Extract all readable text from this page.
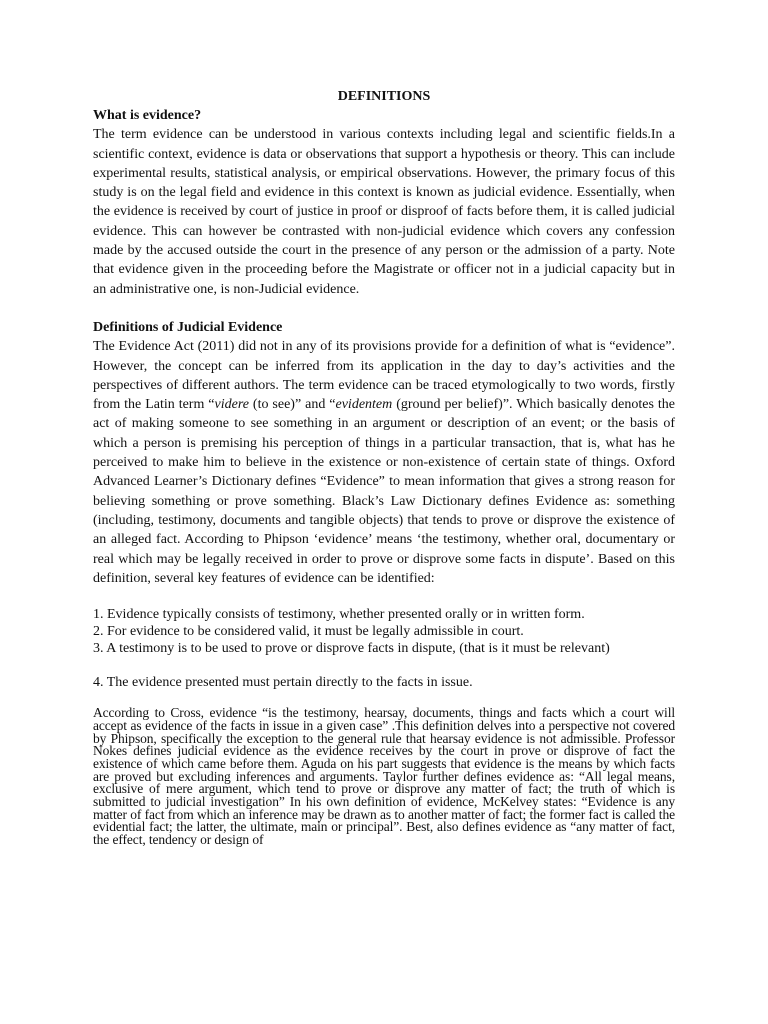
DEFINITIONS

What is evidence?

The term evidence can be understood in various contexts including legal and scientific fields.In a scientific context, evidence is data or observations that support a hypothesis or theory. This can include experimental results, statistical analysis, or empirical observations. However, the primary focus of this study is on the legal field and evidence in this context is known as judicial evidence. Essentially, when the evidence is received by court of justice in proof or disproof of facts before them, it is called judicial evidence. This can however be contrasted with non-judicial evidence which covers any confession made by the accused outside the court in the presence of any person or the admission of a party. Note that evidence given in the proceeding before the Magistrate or officer not in a judicial capacity but in an administrative one, is non-Judicial evidence.

Definitions of Judicial Evidence

The Evidence Act (2011) did not in any of its provisions provide for a definition of what is “evidence”. However, the concept can be inferred from its application in the day to day’s activities and the perspectives of different authors. The term evidence can be traced etymologically to two words, firstly from the Latin term “videre (to see)” and “evidentem (ground per belief)”. Which basically denotes the act of making someone to see something in an argument or description of an event; or the basis of which a person is premising his perception of things in a particular transaction, that is, what has he perceived to make him to believe in the existence or non-existence of certain state of things. Oxford Advanced Learner’s Dictionary defines “Evidence” to mean information that gives a strong reason for believing something or prove something. Black’s Law Dictionary defines Evidence as: something (including, testimony, documents and tangible objects) that tends to prove or disprove the existence of an alleged fact. According to Phipson ‘evidence’ means ‘the testimony, whether oral, documentary or real which may be legally received in order to prove or disprove some facts in dispute’. Based on this definition, several key features of evidence can be identified:

1. Evidence typically consists of testimony, whether presented orally or in written form.

2. For evidence to be considered valid, it must be legally admissible in court.

3. A testimony is to be used to prove or disprove facts in dispute, (that is it must be relevant)

4. The evidence presented must pertain directly to the facts in issue.

According to Cross, evidence “is the testimony, hearsay, documents, things and facts which a court will accept as evidence of the facts in issue in a given case” .This definition delves into a perspective not covered by Phipson, specifically the exception to the general rule that hearsay evidence is not admissible. Professor Nokes defines judicial evidence as the evidence receives by the court in prove or disprove of fact the existence of which came before them. Aguda on his part suggests that evidence is the means by which facts are proved but excluding inferences and arguments. Taylor further defines evidence as: “All legal means, exclusive of mere argument, which tend to prove or disprove any matter of fact; the truth of which is submitted to judicial investigation” In his own definition of evidence, McKelvey states: “Evidence is any matter of fact from which an inference may be drawn as to another matter of fact; the former fact is called the evidential fact; the latter, the ultimate, main or principal”. Best, also defines evidence as “any matter of fact, the effect, tendency or design of
